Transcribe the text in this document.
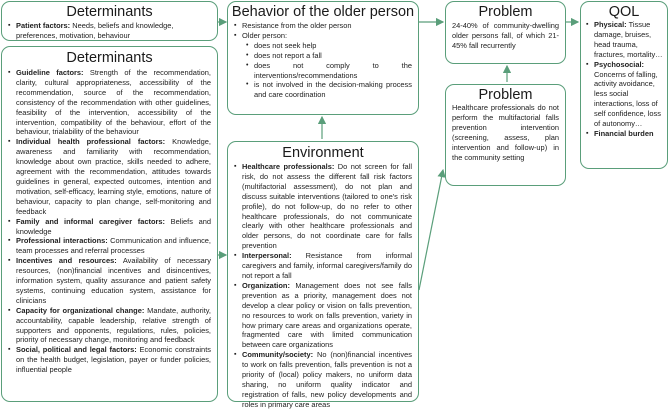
Determinants
▪ Patient factors: Needs, beliefs and knowledge, preferences, motivation, behaviour
Determinants
▪ Guideline factors: Strength of the recommendation, clarity, cultural appropriateness, accessibility of the recommendation, source of the recommendation, consistency of the recommendation with other guidelines, feasibility of the intervention, accessibility of the intervention, compatibility of the behaviour, effort of the behaviour, trialability of the behaviour
▪ Individual health professional factors: Knowledge, awareness and familiarity with recommendation, knowledge about own practice, skills needed to adhere, agreement with the recommendation, attitudes towards guidelines in general, expected outcomes, intention and motivation, self-efficacy, learning style, emotions, nature of behaviour, capacity to plan change, self-monitoring and feedback
▪ Family and informal caregiver factors: Beliefs and knowledge
▪ Professional interactions: Communication and influence, team processes and referral processes
▪ Incentives and resources: Availability of necessary resources, (non)financial incentives and disincentives, information system, quality assurance and patient safety systems, continuing education system, assistance for clinicians
▪ Capacity for organizational change: Mandate, authority, accountability, capable leadership, relative strength of supporters and opponents, regulations, rules, policies, priority of necessary change, monitoring and feedback
▪ Social, political and legal factors: Economic constraints on the health budget, legislation, payer or funder policies, influential people
Behavior of the older person
▪ Resistance from the older person
▪ Older person:
• does not seek help
• does not report a fall
• does not comply to the interventions/recommendations
• is not involved in the decision-making process and care coordination
Environment
▪ Healthcare professionals: Do not screen for fall risk, do not assess the different fall risk factors (multifactorial assessment), do not plan and discuss suitable interventions (tailored to one's risk profile), do not follow-up, do no refer to other healthcare professionals, do not communicate clearly with other healthcare professionals and older persons, do not coordinate care for falls prevention
▪ Interpersonal: Resistance from informal caregivers and family, informal caregivers/family do not report a fall
▪ Organization: Management does not see falls prevention as a priority, management does not develop a clear policy or vision on falls prevention, no resources to work on falls prevention, variety in how primary care areas and organizations operate, fragmented care with limited communication between care organizations
▪ Community/society: No (non)financial incentives to work on falls prevention, falls prevention is not a priority of (local) policy makers, no uniform data sharing, no uniform quality indicator and registration of falls, new policy developments and roles in primary care areas
Problem
24-40% of community-dwelling older persons fall, of which 21-45% fall recurrently
Problem
Healthcare professionals do not perform the multifactorial falls prevention intervention (screening, assess, plan intervention and follow-up) in the community setting
QOL
▪ Physical: Tissue damage, bruises, head trauma, fractures, mortality…
▪ Psychosocial: Concerns of falling, activity avoidance, less social interactions, loss of self confidence, loss of autonomy…
▪ Financial burden
